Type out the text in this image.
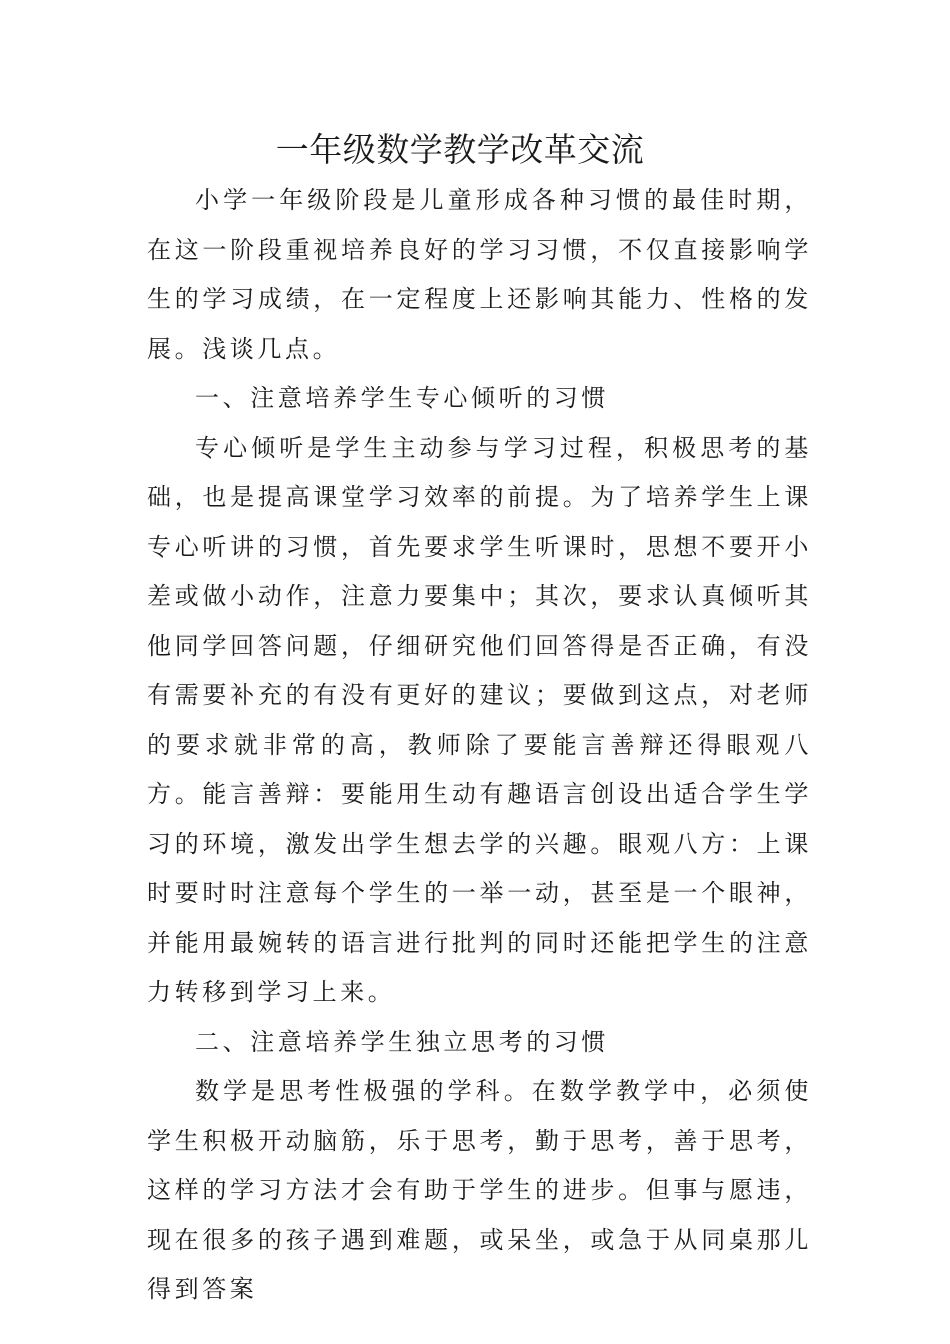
一年级数学教学改革交流

小学一年级阶段是儿童形成各种习惯的最佳时期，在这一阶段重视培养良好的学习习惯，不仅直接影响学生的学习成绩，在一定程度上还影响其能力、性格的发展。浅谈几点。

一、注意培养学生专心倾听的习惯

专心倾听是学生主动参与学习过程，积极思考的基础，也是提高课堂学习效率的前提。为了培养学生上课专心听讲的习惯，首先要求学生听课时，思想不要开小差或做小动作，注意力要集中；其次，要求认真倾听其他同学回答问题，仔细研究他们回答得是否正确，有没有需要补充的有没有更好的建议；要做到这点，对老师的要求就非常的高，教师除了要能言善辩还得眼观八方。能言善辩：要能用生动有趣语言创设出适合学生学习的环境，激发出学生想去学的兴趣。眼观八方：上课时要时时注意每个学生的一举一动，甚至是一个眼神，并能用最婉转的语言进行批判的同时还能把学生的注意力转移到学习上来。

二、注意培养学生独立思考的习惯

数学是思考性极强的学科。在数学教学中，必须使学生积极开动脑筋，乐于思考，勤于思考，善于思考，这样的学习方法才会有助于学生的进步。但事与愿违，现在很多的孩子遇到难题，或呆坐，或急于从同桌那儿得到答案
